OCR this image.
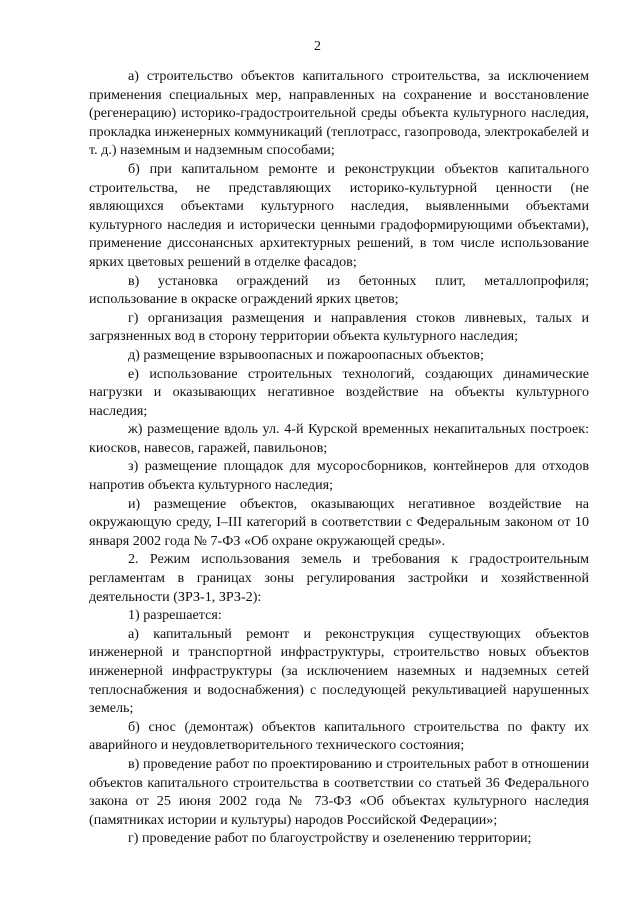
2

а) строительство объектов капитального строительства, за исключением применения специальных мер, направленных на сохранение и восстановление (регенерацию) историко-градостроительной среды объекта культурного наследия, прокладка инженерных коммуникаций (теплотрасс, газопровода, электрокабелей и т. д.) наземным и надземным способами;

б) при капитальном ремонте и реконструкции объектов капитального строительства, не представляющих историко-культурной ценности (не являющихся объектами культурного наследия, выявленными объектами культурного наследия и исторически ценными градоформирующими объектами), применение диссонансных архитектурных решений, в том числе использование ярких цветовых решений в отделке фасадов;

в) установка ограждений из бетонных плит, металлопрофиля; использование в окраске ограждений ярких цветов;

г) организация размещения и направления стоков ливневых, талых и загрязненных вод в сторону территории объекта культурного наследия;

д) размещение взрывоопасных и пожароопасных объектов;

е) использование строительных технологий, создающих динамические нагрузки и оказывающих негативное воздействие на объекты культурного наследия;

ж) размещение вдоль ул. 4-й Курской временных некапитальных построек: киосков, навесов, гаражей, павильонов;

з) размещение площадок для мусоросборников, контейнеров для отходов напротив объекта культурного наследия;

и) размещение объектов, оказывающих негативное воздействие на окружающую среду, I–III категорий в соответствии с Федеральным законом от 10 января 2002 года № 7-ФЗ «Об охране окружающей среды».

2. Режим использования земель и требования к градостроительным регламентам в границах зоны регулирования застройки и хозяйственной деятельности (ЗРЗ-1, ЗРЗ-2):

1) разрешается:

а) капитальный ремонт и реконструкция существующих объектов инженерной и транспортной инфраструктуры, строительство новых объектов инженерной инфраструктуры (за исключением наземных и надземных сетей теплоснабжения и водоснабжения) с последующей рекультивацией нарушенных земель;

б) снос (демонтаж) объектов капитального строительства по факту их аварийного и неудовлетворительного технического состояния;

в) проведение работ по проектированию и строительных работ в отношении объектов капитального строительства в соответствии со статьей 36 Федерального закона от 25 июня 2002 года № 73-ФЗ «Об объектах культурного наследия (памятниках истории и культуры) народов Российской Федерации»;

г) проведение работ по благоустройству и озеленению территории;
